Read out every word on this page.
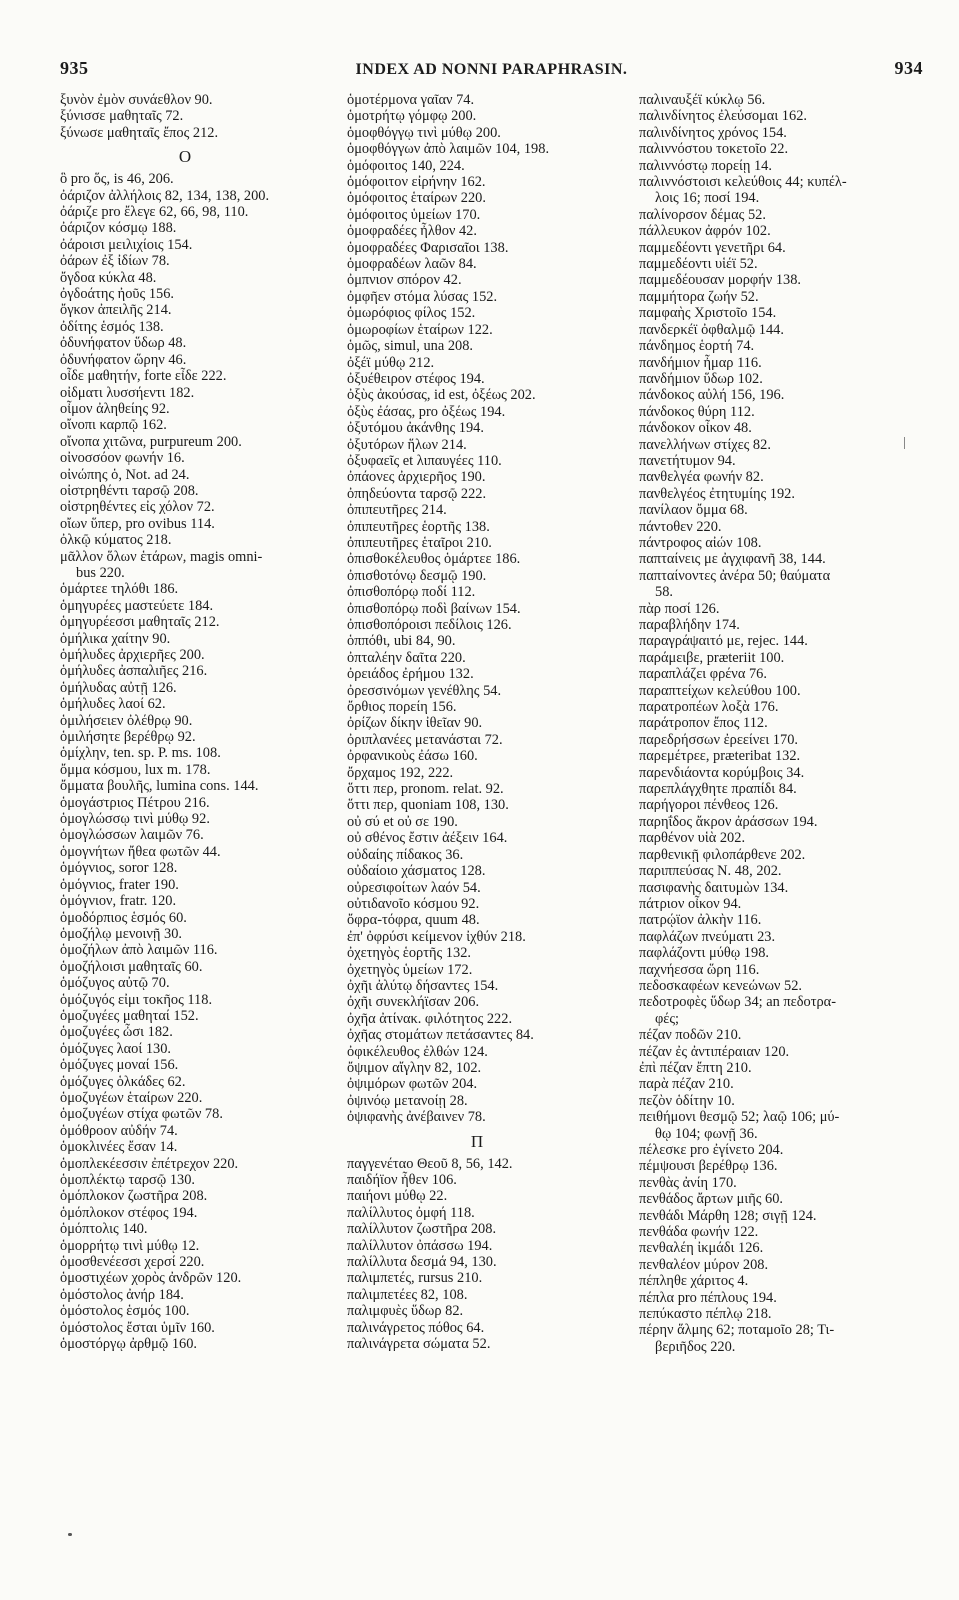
935	INDEX AD NONNI PARAPHRASIN.	934
ξυνὸν ἐμὸν συνάεθλον 90.
ξύνισσε μαθηταῖς 72.
ξύνωσε μαθηταῖς ἔπος 212.
Ο
ὃ pro ὅς, is 46, 206.
ὀάριζον ἀλλήλοις 82, 134, 138, 200.
ὀάριζε pro ἔλεγε 62, 66, 98, 110.
ὀάριζον κόσμῳ 188.
ὀάροισι μειλιχίοις 154.
ὀάρων ἐξ ἰδίων 78.
ὄγδοα κύκλα 48.
ὀγδοάτης ἠοῦς 156.
ὄγκον ἀπειλῆς 214.
ὀδίτης ἑσμός 138.
ὀδυνήφατον ὕδωρ 48.
ὀδυνήφατον ὥρην 46.
οἶδε μαθητήν, forte εἶδε 222.
οἰδματι λυσσήεντι 182.
οἶμον ἀληθείης 92.
οἴνοπι καρπῷ 162.
οἴνοπα χιτῶνα, purpureum 200.
οἰνοσσόον φωνήν 16.
οἰνώπης ὁ, Not. ad 24.
οἰστρηθέντι ταρσῷ 208.
οἰστρηθέντες εἰς χόλον 72.
οἴων ὕπερ, pro ovibus 114.
ὀλκῷ κύματος 218.
μᾶλλον ὅλων ἑτάρων, magis omni-
bus 220.
ὁμάρτεε τηλόθι 186.
ὁμηγυρέες μαστεύετε 184.
ὁμηγυρέεσσι μαθηταῖς 212.
ὁμήλικα χαίτην 90.
ὁμήλυδες ἀρχιερῆες 200.
ὁμήλυδες ἀσπαλιῆες 216.
ὁμήλυδας αὐτῇ 126.
ὁμήλυδες λαοί 62.
ὁμιλήσειεν ὀλέθρῳ 90.
ὁμιλήσητε βερέθρῳ 92.
ὁμίχλην, ten. sp. P. ms. 108.
ὄμμα κόσμου, lux m. 178.
ὄμματα βουλῆς, lumina cons. 144.
ὁμογάστριος Πέτρου 216.
ὁμογλώσσῳ τινὶ μύθῳ 92.
ὁμογλώσσων λαιμῶν 76.
ὁμογνήτων ἤθεα φωτῶν 44.
ὁμόγνιος, soror 128.
ὁμόγνιος, frater 190.
ὁμόγνιον, fratr. 120.
ὁμοδόρπιος ἑσμός 60.
ὁμοζήλῳ μενοινῇ 30.
ὁμοζήλων ἀπὸ λαιμῶν 116.
ὁμοζήλοισι μαθηταῖς 60.
ὁμόζυγος αὐτῷ 70.
ὁμόζυγός εἰμι τοκῆος 118.
ὁμοζυγέες μαθηταί 152.
ὁμοζυγέες ὦσι 182.
ὁμόζυγες λαοί 130.
ὁμόζυγες μοναί 156.
ὁμόζυγες ὁλκάδες 62.
ὁμοζυγέων ἑταίρων 220.
ὁμοζυγέων στίχα φωτῶν 78.
ὁμόθροον αὐδήν 74.
ὁμοκλινέες ἔσαν 14.
ὁμοπλεκέεσσιν ἐπέτρεχον 220.
ὁμοπλέκτῳ ταρσῷ 130.
ὁμόπλοκον ζωστῆρα 208.
ὁμόπλοκον στέφος 194.
ὁμόπτολις 140.
ὁμορρήτῳ τινὶ μύθῳ 12.
ὁμοσθενέεσσι χερσί 220.
ὁμοστιχέων χορὸς ἀνδρῶν 120.
ὁμόστολος ἀνήρ 184.
ὁμόστολος ἑσμός 100.
ὁμόστολος ἔσται ὑμῖν 160.
ὁμοστόργῳ ἀρθμῷ 160.
ὁμοτέρμονα γαῖαν 74.
ὁμοτρήτῳ γόμφῳ 200.
ὁμοφθόγγῳ τινὶ μύθῳ 200.
ὁμοφθόγγων ἀπὸ λαιμῶν 104, 198.
ὁμόφοιτος 140, 224.
ὁμόφοιτον εἰρήνην 162.
ὁμόφοιτος ἑταίρων 220.
ὁμόφοιτος ὑμείων 170.
ὁμοφραδέες ἦλθον 42.
ὁμοφραδέες Φαρισαῖοι 138.
ὁμοφραδέων λαῶν 84.
ὀμπνιον σπόρον 42.
ὀμφῆεν στόμα λύσας 152.
ὁμωρόφιος φίλος 152.
ὁμωροφίων ἑταίρων 122.
ὁμῶς, simul, una 208.
ὀξέϊ μύθῳ 212.
ὀξυέθειρον στέφος 194.
ὀξὺς ἀκούσας, id est, ὀξέως 202.
ὀξὺς ἐάσας, pro ὀξέως 194.
ὀξυτόμου ἀκάνθης 194.
ὀξυτόρων ἥλων 214.
ὀξυφαεῖς et λιπαυγέες 110.
ὀπάονες ἀρχιερῆος 190.
ὀπηδεύοντα ταρσῷ 222.
ὀπιπευτῆρες 214.
ὀπιπευτῆρες ἑορτῆς 138.
ὀπιπευτῆρες ἑταῖροι 210.
ὀπισθοκέλευθος ὁμάρτεε 186.
ὀπισθοτόνῳ δεσμῷ 190.
ὀπισθοπόρῳ ποδί 112.
ὀπισθοπόρῳ ποδὶ βαίνων 154.
ὀπισθοπόροισι πεδίλοις 126.
ὁππόθι, ubi 84, 90.
ὀπταλέην δαῖτα 220.
ὀρειάδος ἐρήμου 132.
ὀρεσσινόμων γενέθλης 54.
ὄρθιος πορείη 156.
ὀρίζων δίκην ἰθεῖαν 90.
ὀριπλανέες μετανάσται 72.
ὀρφανικοὺς ἐάσω 160.
ὄρχαμος 192, 222.
ὅττι περ, pronom. relat. 92.
ὅττι περ, quoniam 108, 130.
οὐ σύ et οὐ σε 190.
οὐ σθένος ἔστιν ἀέξειν 164.
οὐδαίης πίδακος 36.
οὐδαίοιο χάσματος 128.
οὐρεσιφοίτων λαόν 54.
οὐτιδανοῖο κόσμου 92.
ὄφρα-τόφρα, quum 48.
ἐπ' ὀφρύσι κείμενον ἰχθύν 218.
ὀχετηγὸς ἑορτῆς 132.
ὀχετηγὸς ὑμείων 172.
ὀχῆι ἀλύτῳ δήσαντες 154.
ὀχῆι συνεκλήϊσαν 206.
ὀχῆα ἀτίνακ. φιλότητος 222.
ὀχῆας στομάτων πετάσαντες 84.
ὀφικέλευθος ἐλθών 124.
ὄψιμον αἴγλην 82, 102.
ὀψιμόρων φωτῶν 204.
ὀψινόῳ μετανοίῃ 28.
ὀψιφανὴς ἀνέβαινεν 78.
Π
παγγενέταο Θεοῦ 8, 56, 142.
παιδήϊον ἦθεν 106.
παιήονι μύθῳ 22.
παλίλλυτος ὀμφή 118.
παλίλλυτον ζωστῆρα 208.
παλίλλυτον ὀπάσσω 194.
παλίλλυτα δεσμά 94, 130.
παλιμπετές, rursus 210.
παλιμπετέες 82, 108.
παλιμφυὲς ὕδωρ 82.
παλινάγρετος πόθος 64.
παλινάγρετα σώματα 52.
παλιναυξέϊ κύκλῳ 56.
παλινδίνητος ἐλεύσομαι 162.
παλινδίνητος χρόνος 154.
παλιννόστου τοκετοῖο 22.
παλιννόστῳ πορείῃ 14.
παλιννόστοισι κελεύθοις 44; κυπέλ-
λοις 16; ποσί 194.
παλίνορσον δέμας 52.
πάλλευκον ἀφρόν 102.
παμμεδέοντι γενετῆρι 64.
παμμεδέοντι υἱέϊ 52.
παμμεδέουσαν μορφήν 138.
παμμήτορα ζωήν 52.
παμφαὴς Χριστοῖο 154.
πανδερκέϊ ὀφθαλμῷ 144.
πάνδημος ἑορτή 74.
πανδήμιον ἦμαρ 116.
πανδήμιον ὕδωρ 102.
πάνδοκος αὐλή 156, 196.
πάνδοκος θύρη 112.
πάνδοκον οἶκον 48.
πανελλήνων στίχες 82.
πανετήτυμον 94.
πανθελγέα φωνήν 82.
πανθελγέος ἐτητυμίης 192.
πανίλαον ὄμμα 68.
πάντοθεν 220.
πάντροφος αἰών 108.
παπταίνεις με ἀγχιφανῆ 38, 144.
παπταίνοντες ἀνέρα 50; θαύματα
58.
πὰρ ποσί 126.
παραβλήδην 174.
παραγράψαιτό με, rejec. 144.
παράμειβε, præteriit 100.
παραπλάζει φρένα 76.
παραπτείχων κελεύθου 100.
παρατροπέων λοξὰ 176.
παράτροπον ἔπος 112.
παρεδρήσσων ἐρεείνει 170.
παρεμέτρεε, præteribat 132.
παρενδιάοντα κορύμβοις 34.
παρεπλάγχθητε πραπίδι 84.
παρήγοροι πένθεος 126.
παρηΐδος ἄκρον ἀράσσων 194.
παρθένον υἱὰ 202.
παρθενικῇ φιλοπάρθενε 202.
παριππεύσας Ν. 48, 202.
πασιφανὴς δαιτυμὼν 134.
πάτριον οἶκον 94.
πατρῴϊον ἀλκὴν 116.
παφλάζων πνεύματι 23.
παφλάζοντι μύθῳ 198.
παχνήεσσα ὥρη 116.
πεδοσκαφέων κενεώνων 52.
πεδοτροφὲς ὕδωρ 34; an πεδοτρα-
φές;
πέζαν ποδῶν 210.
πέζαν ἐς ἀντιπέραιαν 120.
ἐπὶ πέζαν ἔπτη 210.
παρὰ πέζαν 210.
πεζὸν ὁδίτην 10.
πειθήμονι θεσμῷ 52; λαῷ 106; μύ-
θῳ 104; φωνῇ 36.
πέλεσκε pro ἐγίνετο 204.
πέμψουσι βερέθρῳ 136.
πενθὰς ἀνίη 170.
πενθάδος ἄρτων μιῆς 60.
πενθάδι Μάρθη 128; σιγῇ 124.
πενθάδα φωνήν 122.
πενθαλέη ἰκμάδι 126.
πενθαλέον μύρον 208.
πέπληθε χάριτος 4.
πέπλα pro πέπλους 194.
πεπύκαστο πέπλῳ 218.
πέρην ἅλμης 62; ποταμοῖο 28; Τι-
βεριῆδος 220.
